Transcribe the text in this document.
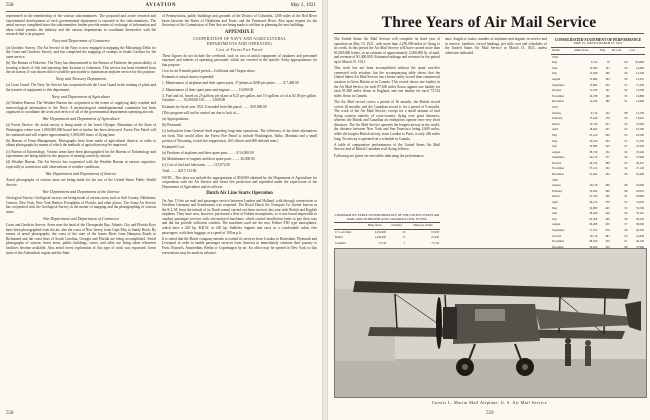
558	AVIATION	May 2, 1921

represented in the membership of the various subcommittees. The proposed and active research and experimental development of each governmental department is reported to the subcommittees. The aerial surveys completed since the subcommittee further provide means of exchange of information and ideas which permits the industry and the various departments to coordinate themselves with the research that is in progress.

Navy and Department of Commerce

(a) Geodetic Survey. The Air Service of the Navy is now engaged in mapping the Mississippi Delta for the Coast and Geodetic Survey, and has completed the mapping of swamps in South Carolina for the same service.

(b) The Bureau of Fisheries. The Navy has demonstrated to the Bureau of Fisheries the practicability of locating schools of fish and reporting their location to fishermen. This service has been rendered from the air station. It was shown that it would be practicable to maintain an airplane service for this purpose.

Navy and Treasury Department

(a) Coast Guard. The Navy Air Service has cooperated with the Coast Guard in the training of pilots and the transfer of equipment to this department.

Navy and Department of Agriculture

(a) Weather Bureau. The Weather Bureau has cooperated to the extent of supplying daily weather and meteorological information to the Navy. A meteorological interdepartmental committee has been organized to coordinate the work and service of all of the governmental departments operating aircraft.

War Department and Department of Agriculture

(a) Forest Service. An aerial survey is being made of the forest Olympic Mountains of the State of Washington where over 1,000,000,000 board feet of timber has been destroyed. Forest Fire Patrol will be continued and will require approximately 1,000,000 hours of flying time.

(b) Bureau of Farm Management. Photographs have been made of agricultural districts in order to obtain photographs by means of which the methods of agriculture may be improved.

(c) Bureau of Entomology. Various areas have been photographed for the Bureau of Entomology and experiments are being made for the purpose of treating cotton by aircraft.

(d) Weather Bureau. The Air Service has cooperated with the Weather Bureau in various capacities, especially in connection with observations of weather conditions.

War Department and Department of Interior

Aerial photographs of various areas are being made for the use of the United States Public Health Service.

War Department and Department of the Interior

Geological Survey. Geological surveys are being made of various areas such as Salt County, Oklahoma; Geneva, New York; New York Harbor; Everglades of Florida, and other places. The Army Air Service has cooperated with the Geological Survey in the matter of mapping and the photographing of various areas.

War Department and Department of Commerce

Coast and Geodetic Survey. Areas near the head of the Chesapeake Bay, Atlantic City and Florida Keys have been photographed from the air, also the coast of New Jersey, from Cape May to Sandy Hook. By means of aerial photographs, the coast of the state of the James River from Hampton Roads to Richmond and the coast lines of South Carolina, Georgia and Florida are being accomplished. Aerial photographs of various forest areas, public buildings, rivers, and other are being taken whenever facilities become available. Also aerial forest exploration of this type of work was requested: forest areas of the Adirondack region and the State

of Pennsylvania, public buildings and grounds of the District of Columbia, 1200 miles of the Red River basin between the States of Oklahoma and Texas, and the Tennessee River. Also upon request for the Secretary of the Commission of Fine Arts are being made to aid him in planning the new buildings.

APPENDIX E
COOPERATION OF NAVY AND AGRICULTURAL
DEPARTMENTS AND OPERATING
Cost of Forest Fire Patrol

These figures do not include the overhead, such as cost of initial equipment of airplanes and personnel expenses and salaries of operating personnel, which are covered in the specific Army appropriations for that purpose.

Cost for an 8 month patrol period—California and Oregon alone.

Estimate of actual money expended:

1. Maintenance of airplanes and their spares parts, 37 planes at $200 per plane ........ $ 7,400.00

2. Maintenance of their spare parts and engines ........ 10,000.00

3. Fuel and oil, based on 25 gallons per plane at $.25 per gallon, and 1½ gallons of oil at $1.00 per gallon. Gasoline ........ 35,000.00 Oil ........ 5,000.00

Estimate for fiscal year 1922. Extended from 6th patrol ........ $59,000.00

(This program will not be carried out due to lack of—

(a) Appropriations

(b) Personnel

(c) Indications from General Staff regarding long-time operations. The efficiency of the three alternatives set forth. This would allow the Forest Fire Patrol to include Washington, Idaho, Montana and a small portion of Wyoming, a total fire suppression, 160 officers and 600 enlisted men.)

Estimated Cost:

(a) Purchase of airplanes and their spare parts ........ $ 54,000.00

(b) Maintenance of engines and their spare parts ........ 26,000.00

(c) Cost of fuel and lubricants ........ 115,872.00

Total ........ $217,133.00

NOTE—This does not include the appropriation of $50,000 obtained by the Department of Agriculture for cooperation with the Air Service and forest fire protection and expended under the supervision of the Department of Agriculture and its officers.

Dutch Air Line Starts Operation

On Apr. 15 the air mail and passenger service between London and Holland, with through connections to Northern Germany and Scandinavia was reopened. The Royal Dutch Air Transport Co. (better known as the K.L.M. from the initials of its Dutch name) carried out these services last year with British and English airplanes. They have now, however, purchased a fleet of Fokker monoplanes, so it was found impossible to conduct passenger services with one-motored machines, which carried insufficient loads to pay their way and did not provide sufficient comfort. The machines used are the new Fokker F.III type monoplanes, which have a 220 hp. R.R.W. or 240 hp. Siddeley engines and carry in a comfortable cabin, five passengers, with their luggage, at a speed of 100 m.p.h.

It is stated that the Dutch company intends to extend its services from London to Rotterdam, Plymouth and Liverpool in order to enable passenger services from America to immediately continue their journey to Paris, Brussels, Amsterdam, Berlin or Copenhagen by air. An office may be opened in New York so that reservations may be made in advance.

558
Three Years of Air Mail Service

The United States Air Mail Service will complete its third year of operation on May 15, 1921, with more than 2,250,000 miles of flying to its credit. In this period the Air Mail Service will have carried more than 81,000,000 letters, or an estimate of approximately 2,000,000 lb. of mail, and revenue of $1,400,000. Estimated mileage and revenue for the period up to March 15, 1921.

This work has not been accomplished without the usual sacrifice connected with aviation, but the accompanying table shows that the United States Air Mail Service has a better safety record than commercial aviation in Great Britain or in Canada. This record shows one fatality in the Air Mail Service for each 97,630 miles flown, against one fatality for each 91,000 miles flown in England, and one fatality for each 73,744 miles flown in Canada.

The Air Mail record covers a period of 36 months, the British record covers 26 months, and the Canadian record is for a period of 9 months. The work of the Air Mail Service, except for a small amount of trial flying consists entirely of cross-country flying over great distances, whereas the British and Canadian air enterprises operate over very short distances. The Air Mail Service operates the longest airway in the world, the distance between New York and San Francisco being 2,680 miles, while the longest British airway, from London to Paris, is only 240 miles long. No airway is operated on a schedule in Canada.

A table of comparative performances of the United States Air Mail Service and of British Canadian civil flying follows:

Following are given ver one tables indicating the performance.

ance, length of routes, number of airplanes and engines in service and in reserve, fatalities, forced landings, per mile cost and schedules of the United States Air Mail Service to March 15, 1921, unless otherwise indicated.

COMPARATIVE TABLE OF PERFORMANCE OF THE UNITED STATES AIR MAIL AND OF BRITISH AND CANADIAN CIVIL FLYING
	Miles flown	Fatalities	Miles per fatality
U. S. Air Mail	2,250,000	23	97,630
British	1,200,000	13	91,000
Canadian	73,744	1	73,744
CONSOLIDATED STATEMENT OF PERFORMANCE
MAY 15, 1918 TO MARCH 15, 1921
Month	Miles flown	Trips	Per cent	Cost
1918				
May	5,334	70	84	$ 9,800
June	14,584	191	90	14,890
July	11,946	166	94	12,340
August	13,984	184	96	14,210
September	15,804	202	97	15,450
October	11,180	161	92	13,590
November	16,188	196	95	15,880
December	14,184	180	91	14,660
1919				
January	9,714	142	88	12,740
February	13,440	170	90	13,910
March	14,740	201	92	15,090
April	18,462	227	94	16,780
May	23,120	269	95	18,500
June	29,456	303	97	21,330
July	32,680	325	97	23,100
August	38,740	352	96	25,640
September	42,116	371	96	27,980
October	44,724	380	95	29,310
November	37,212	322	92	27,120
December	31,402	292	89	25,400
1920				
January	30,118	280	86	24,900
February	33,504	296	88	26,010
March	41,760	340	91	28,890
April	49,212	378	93	31,050
May	54,980	405	95	33,740
June	58,440	426	96	35,110
July	62,300	440	96	36,520
August	66,908	459	97	38,060
September	71,372	476	96	40,330
October	74,116	487	94	41,850
November	68,540	452	91	40,120
December	59,620	410	88	37,980

Curtiss L. Martin Mail Airplane, U. S. Air Mail Service
559
